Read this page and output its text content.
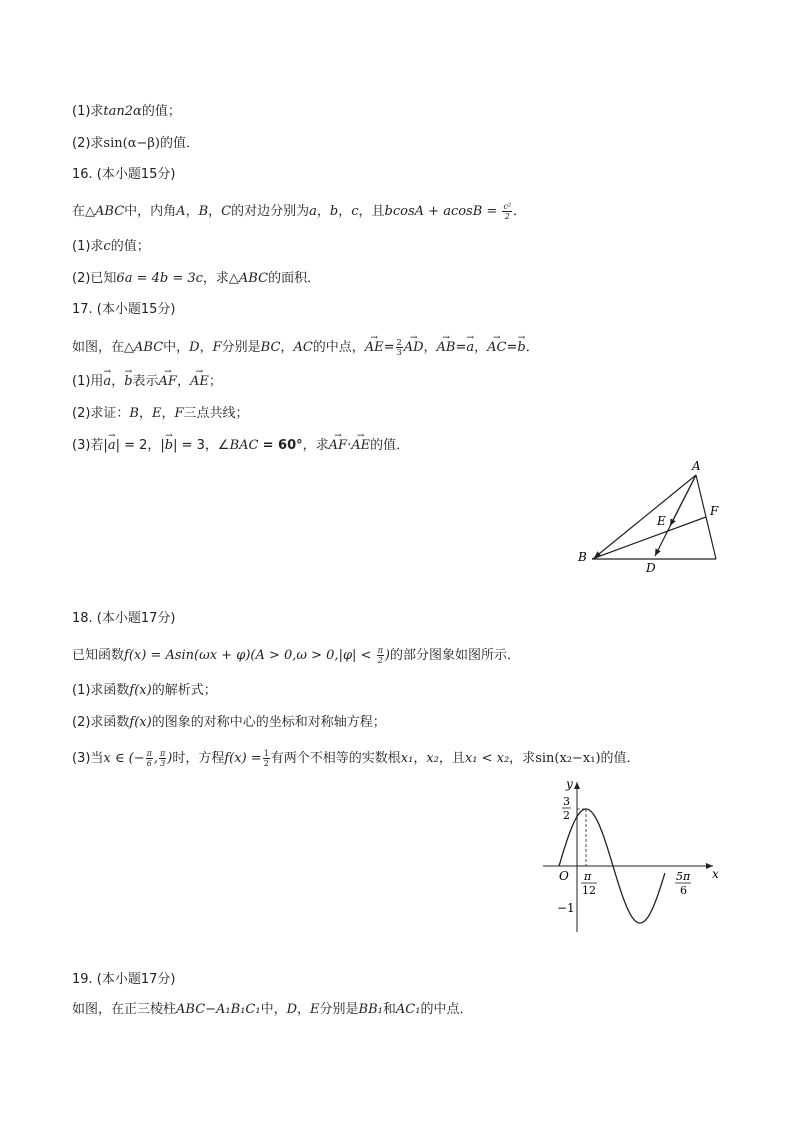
(1)求tan2α的值；
(2)求sin(α−β)的值．
16. (本小题15分)
在△ABC中，内角A，B，C的对边分别为a，b，c，且$bcosA + acosB = \frac{\text{c²}}{2}$ ．
(1)求c的值；
(2)已知6a = 4b = 3c，求△ABC的面积．
17. (本小题15分)
如图，在△ABC中，D，F分别是BC，AC的中点，→ $AE= \frac{2}{3}$
→ AD，→ AB=→ a，→ AC=→ b．
(1)用→ a，→ b表示→ AF，→ AE；
(2)求证：B，E，F三点共线；
(3)若|→ a| = 2，|→ b| = 3，∠BAC = 60°，求→ AF·→ AE的值．
A
B
D
E
F
18. (本小题17分)
已知函数$f(x) = Asin(\omega x + \varphi)(A > 0,\omega > 0,|\varphi| < \frac{\pi}{2}$ )的部分图象如图所示．
(1)求函数f(x)的解析式；
(2)求函数f(x)的图象的对称中心的坐标和对称轴方程；
(3)当x ∈ (− $\frac{\pi}{6}$ , $\frac{\pi}{3}$ )时，方程$f(x) = \frac{1}{2}$ 有两个不相等的实数根x₁，x₂，且x₁ < x₂，求sin(x₂−x₁)的值．
y
x
O
3
2
−1
π
12
5π
6
19. (本小题17分)
如图，在正三棱柱ABC−A₁B₁C₁中，D，E分别是BB₁和AC₁的中点．
